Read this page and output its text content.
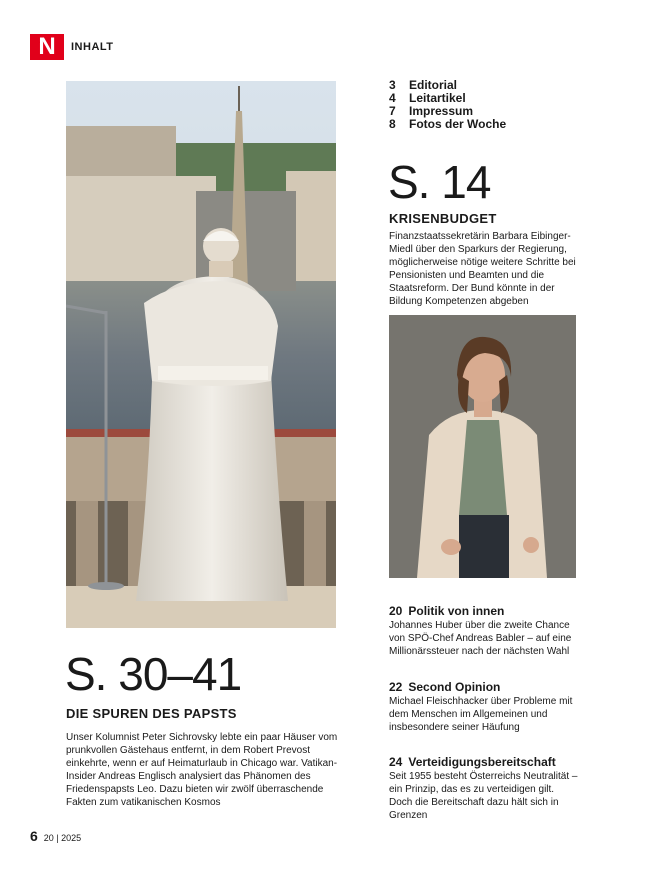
N	INHALT
3	Editorial
4	Leitartikel
7	Impressum
8	Fotos der Woche
S. 14
KRISENBUDGET
Finanzstaatssekretärin Barbara Eibinger-Miedl über den Sparkurs der Regierung, möglicherweise nötige weitere Schritte bei Pensionisten und Beamten und die Staatsreform. Der Bund könnte in der Bildung Kompetenzen abgeben
S. 30–41
DIE SPUREN DES PAPSTS
Unser Kolumnist Peter Sichrovsky lebte ein paar Häuser vom prunkvollen Gästehaus entfernt, in dem Robert Prevost einkehrte, wenn er auf Heimaturlaub in Chicago war. Vatikan-Insider Andreas Englisch analysiert das Phänomen des Friedenspapsts Leo. Dazu bieten wir zwölf überraschende Fakten zum vatikanischen Kosmos
20 Politik von innen
Johannes Huber über die zweite Chance von SPÖ-Chef Andreas Babler – auf eine Millionärssteuer nach der nächsten Wahl
22 Second Opinion
Michael Fleischhacker über Probleme mit dem Menschen im Allgemeinen und insbesondere seiner Häufung
24 Verteidigungsbereitschaft
Seit 1955 besteht Österreichs Neutralität – ein Prinzip, das es zu verteidigen gilt. Doch die Bereitschaft dazu hält sich in Grenzen
6 20 | 2025
